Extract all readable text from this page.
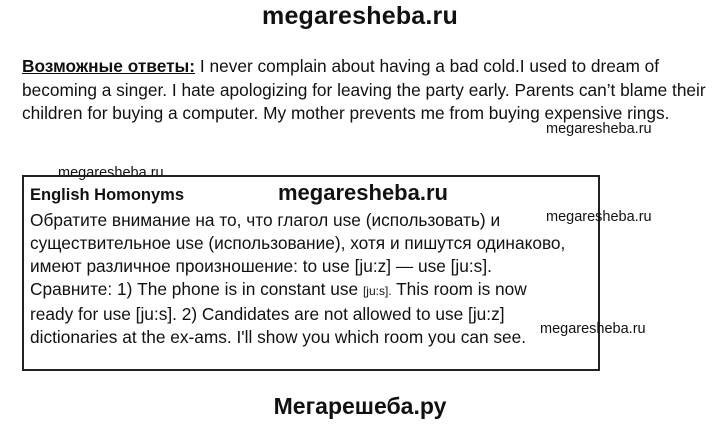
megaresheba.ru
Возможные ответы: I never complain about having a bad cold.I used to dream of becoming a singer. I hate apologizing for leaving the party early. Parents can’t blame their children for buying a computer. My mother prevents me from buying expensive rings.
megaresheba.ru
megaresheba.ru
English Homonyms
Обратите внимание на то, что глагол use (использовать) и
существительное use (использование), хотя и пишутся одинаково,
имеют различное произношение: to use [ju:z] — use [ju:s].
Сравните: 1) The phone is in constant use [ju:s]. This room is now
ready for use [ju:s]. 2) Candidates are not allowed to use [ju:z]
dictionaries at the ex-ams. I'll show you which room you can see.
megaresheba.ru
megaresheba.ru
megaresheba.ru
Мегарешеба.ру
